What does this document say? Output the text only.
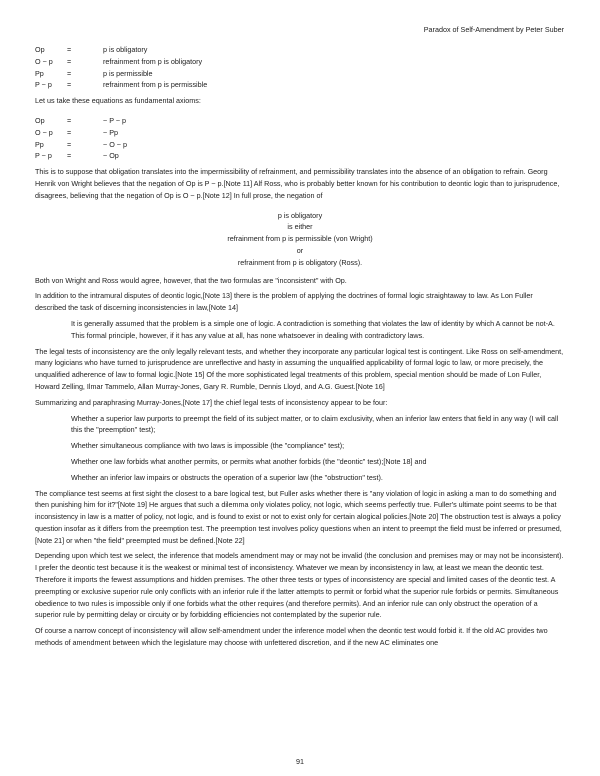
Paradox of Self-Amendment by Peter Suber
Op	=	p is obligatory
O ~ p	=	refrainment from p is obligatory
Pp	=	p is permissible
P ~ p	=	refrainment from p is permissible

Let us take these equations as fundamental axioms:

Op	=	~ P ~ p
O ~ p	=	~ Pp
Pp	=	~ O ~ p
P ~ p	=	~ Op

This is to suppose that obligation translates into the impermissibility of refrainment, and permissibility translates into the absence of an obligation to refrain. Georg Henrik von Wright believes that the negation of Op is P ~ p.[Note 11] Alf Ross, who is probably better known for his contribution to deontic logic than to jurisprudence, disagrees, believing that the negation of Op is O ~ p.[Note 12] In full prose, the negation of

p is obligatory
is either
refrainment from p is permissible (von Wright)
or
refrainment from p is obligatory (Ross).

Both von Wright and Ross would agree, however, that the two formulas are "inconsistent" with Op.

In addition to the intramural disputes of deontic logic,[Note 13] there is the problem of applying the doctrines of formal logic straightaway to law. As Lon Fuller described the task of discerning inconsistencies in law,[Note 14]

It is generally assumed that the problem is a simple one of logic. A contradiction is something that violates the law of identity by which A cannot be not-A. This formal principle, however, if it has any value at all, has none whatsoever in dealing with contradictory laws.

The legal tests of inconsistency are the only legally relevant tests, and whether they incorporate any particular logical test is contingent. Like Ross on self-amendment, many logicians who have turned to jurisprudence are unreflective and hasty in assuming the unqualified applicability of formal logic to law, or more precisely, the unqualified adherence of law to formal logic.[Note 15] Of the more sophisticated legal treatments of this problem, special mention should be made of Lon Fuller, Howard Zelling, Ilmar Tammelo, Allan Murray-Jones, Gary R. Rumble, Dennis Lloyd, and A.G. Guest.[Note 16]

Summarizing and paraphrasing Murray-Jones,[Note 17] the chief legal tests of inconsistency appear to be four:

Whether a superior law purports to preempt the field of its subject matter, or to claim exclusivity, when an inferior law enters that field in any way (I will call this the "preemption" test);

Whether simultaneous compliance with two laws is impossible (the "compliance" test);

Whether one law forbids what another permits, or permits what another forbids (the "deontic" test);[Note 18] and

Whether an inferior law impairs or obstructs the operation of a superior law (the "obstruction" test).

The compliance test seems at first sight the closest to a bare logical test, but Fuller asks whether there is "any violation of logic in asking a man to do something and then punishing him for it?"[Note 19] He argues that such a dilemma only violates policy, not logic, which seems perfectly true. Fuller's ultimate point seems to be that inconsistency in law is a matter of policy, not logic, and is found to exist or not to exist only for certain alogical policies.[Note 20] The obstruction test is always a policy question insofar as it differs from the preemption test. The preemption test involves policy questions when an intent to preempt the field must be inferred or presumed,[Note 21] or when "the field" preempted must be defined.[Note 22]

Depending upon which test we select, the inference that models amendment may or may not be invalid (the conclusion and premises may or may not be inconsistent). I prefer the deontic test because it is the weakest or minimal test of inconsistency. Whatever we mean by inconsistency in law, at least we mean the deontic test. Therefore it imports the fewest assumptions and hidden premises. The other three tests or types of inconsistency are special and limited cases of the deontic test. A preempting or exclusive superior rule only conflicts with an inferior rule if the latter attempts to permit or forbid what the superior rule forbids or permits. Simultaneous obedience to two rules is impossible only if one forbids what the other requires (and therefore permits). And an inferior rule can only obstruct the operation of a superior rule by permitting delay or circuity or by forbidding efficiencies not contemplated by the superior rule.

Of course a narrow concept of inconsistency will allow self-amendment under the inference model when the deontic test would forbid it. If the old AC provides two methods of amendment between which the legislature may choose with unfettered discretion, and if the new AC eliminates one

91
